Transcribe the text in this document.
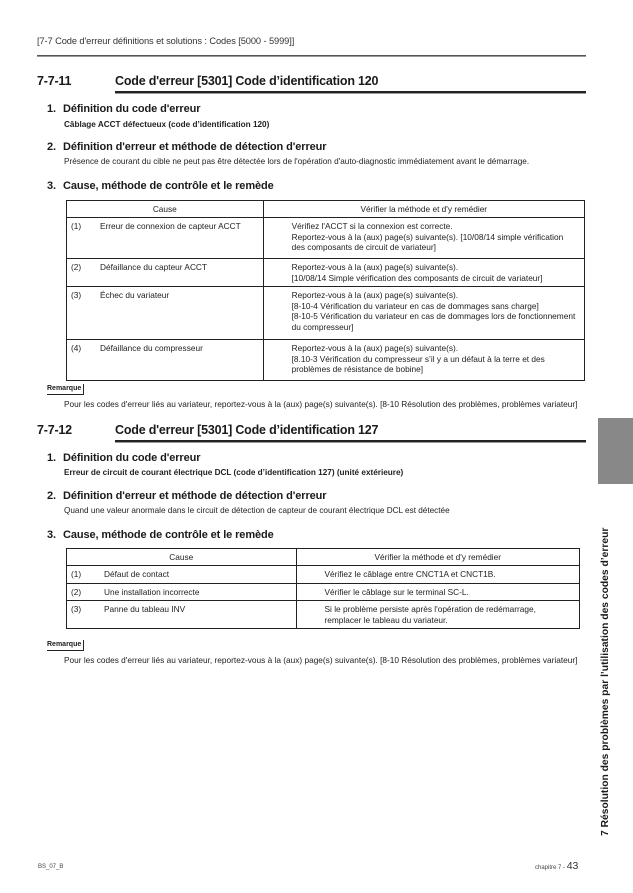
[7-7 Code d'erreur définitions et solutions : Codes [5000 - 5999]]
7-7-11	Code d'erreur [5301] Code d’identification 120
1. Définition du code d'erreur
Câblage ACCT défectueux (code d’identification 120)
2. Définition d'erreur et méthode de détection d'erreur
Présence de courant du cible ne peut pas être détectée lors de l'opération d'auto-diagnostic immédiatement avant le démarrage.
3. Cause, méthode de contrôle et le remède
Cause	Vérifier la méthode et d'y remédier
(1) Erreur de connexion de capteur ACCT	Vérifiez l'ACCT si la connexion est correcte.
Reportez-vous à la (aux) page(s) suivante(s). [10/08/14 simple vérification des composants de circuit de variateur]

(2) Défaillance du capteur ACCT	Reportez-vous à la (aux) page(s) suivante(s).
[10/08/14 Simple vérification des composants de circuit de variateur]

(3) Échec du variateur	Reportez-vous à la (aux) page(s) suivante(s).
[8-10-4 Vérification du variateur en cas de dommages sans charge]
[8-10-5 Vérification du variateur en cas de dommages lors de fonctionnement du compresseur]

(4) Défaillance du compresseur	Reportez-vous à la (aux) page(s) suivante(s).
[8.10-3 Vérification du compresseur s’il y a un défaut à la terre et des problèmes de résistance de bobine]
Remarque
Pour les codes d'erreur liés au variateur, reportez-vous à la (aux) page(s) suivante(s). [8-10 Résolution des problèmes, problèmes variateur]
7-7-12	Code d'erreur [5301] Code d’identification 127
1. Définition du code d'erreur
Erreur de circuit de courant électrique DCL (code d’identification 127) (unité extérieure)
2. Définition d'erreur et méthode de détection d'erreur
Quand une valeur anormale dans le circuit de détection de capteur de courant électrique DCL est détectée
3. Cause, méthode de contrôle et le remède
Cause	Vérifier la méthode et d'y remédier
(1) Défaut de contact	Vérifiez le câblage entre CNCT1A et CNCT1B.

(2) Une installation incorrecte	Vérifier le câblage sur le terminal SC-L.

(3) Panne du tableau INV	Si le problème persiste après l'opération de redémarrage, remplacer le tableau du variateur.
Remarque
Pour les codes d'erreur liés au variateur, reportez-vous à la (aux) page(s) suivante(s). [8-10 Résolution des problèmes, problèmes variateur]	7 Résolution des problèmes par l’utilisation des codes d’erreur
BS_07_B	chapitre 7 - 43
